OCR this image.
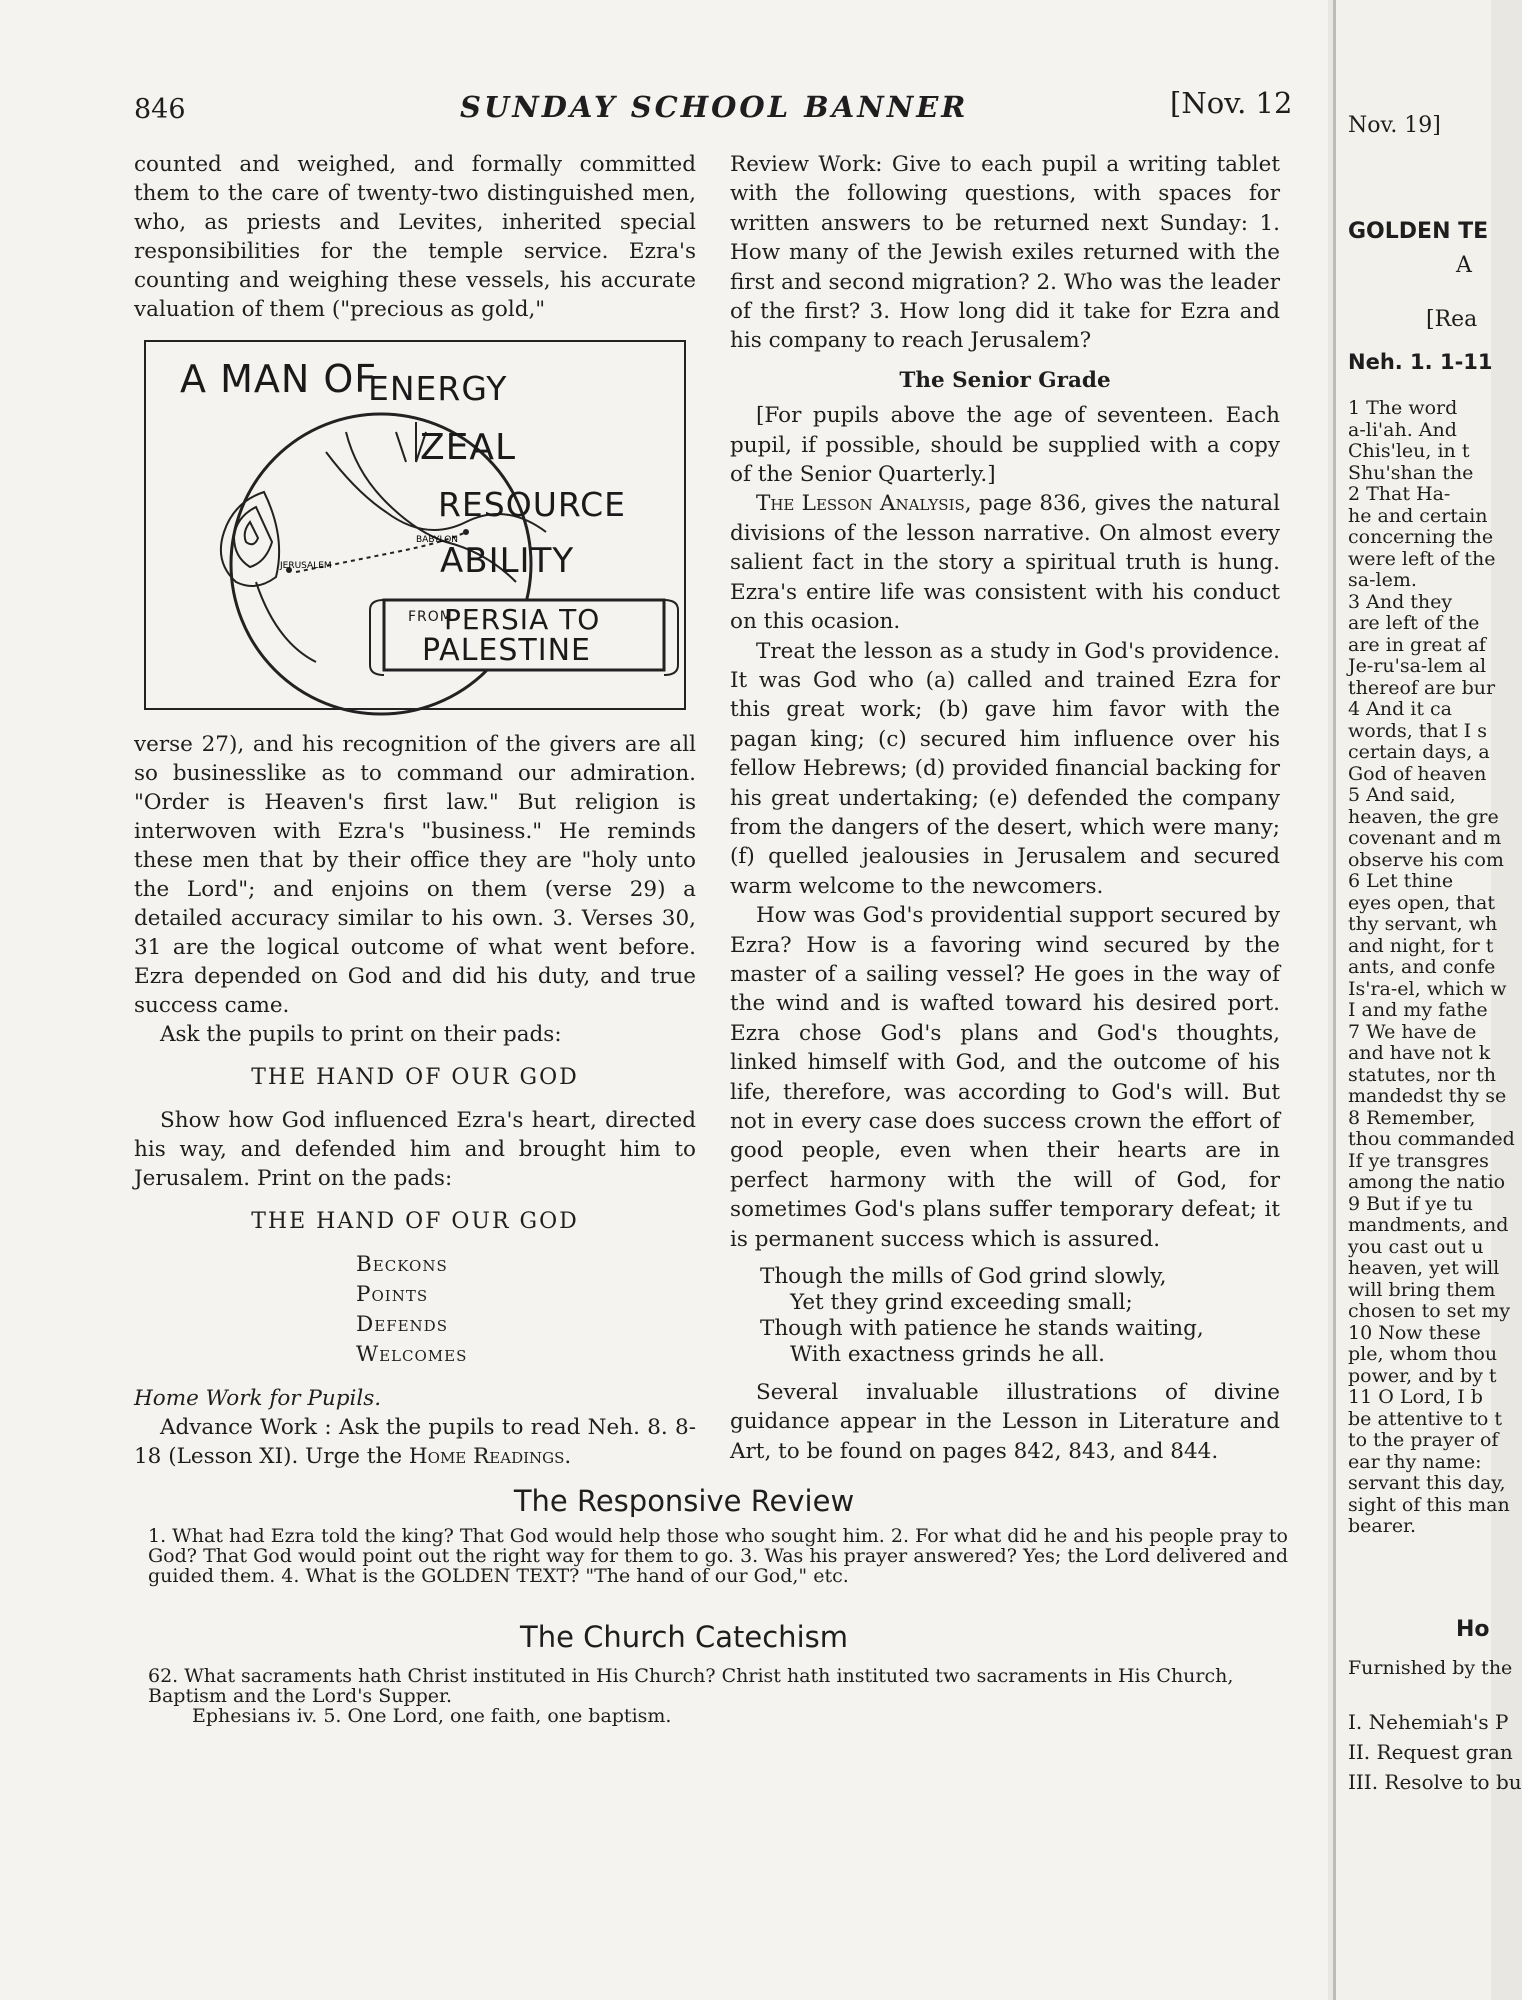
846	SUNDAY SCHOOL BANNER	[Nov. 12

counted and weighed, and formally committed them to the care of twenty-two distinguished men, who, as priests and Levites, inherited special responsibilities for the temple service. Ezra's counting and weighing these vessels, his accurate valuation of them ("precious as gold,"

JERUSALEM
BABYLON
A MAN OF
ENERGY
ZEAL
RESOURCE
ABILITY
FROM
PERSIA TO
PALESTINE

verse 27), and his recognition of the givers are all so businesslike as to command our admiration. "Order is Heaven's first law." But religion is interwoven with Ezra's "business." He reminds these men that by their office they are "holy unto the Lord"; and enjoins on them (verse 29) a detailed accuracy similar to his own. 3. Verses 30, 31 are the logical outcome of what went before. Ezra depended on God and did his duty, and true success came.

Ask the pupils to print on their pads:

THE HAND OF OUR GOD

Show how God influenced Ezra's heart, directed his way, and defended him and brought him to Jerusalem. Print on the pads:

THE HAND OF OUR GOD
Beckons
Points
Defends
Welcomes
Home Work for Pupils.

Advance Work : Ask the pupils to read Neh. 8. 8-18 (Lesson XI). Urge the Home Readings.

Review Work: Give to each pupil a writing tablet with the following questions, with spaces for written answers to be returned next Sunday: 1. How many of the Jewish exiles returned with the first and second migration? 2. Who was the leader of the first? 3. How long did it take for Ezra and his company to reach Jerusalem?

The Senior Grade

[For pupils above the age of seventeen. Each pupil, if possible, should be supplied with a copy of the Senior Quarterly.]

The Lesson Analysis, page 836, gives the natural divisions of the lesson narrative. On almost every salient fact in the story a spiritual truth is hung. Ezra's entire life was consistent with his conduct on this ocasion.

Treat the lesson as a study in God's providence. It was God who (a) called and trained Ezra for this great work; (b) gave him favor with the pagan king; (c) secured him influence over his fellow Hebrews; (d) provided financial backing for his great undertaking; (e) defended the company from the dangers of the desert, which were many; (f) quelled jealousies in Jerusalem and secured warm welcome to the newcomers.

How was God's providential support secured by Ezra? How is a favoring wind secured by the master of a sailing vessel? He goes in the way of the wind and is wafted toward his desired port. Ezra chose God's plans and God's thoughts, linked himself with God, and the outcome of his life, therefore, was according to God's will. But not in every case does success crown the effort of good people, even when their hearts are in perfect harmony with the will of God, for sometimes God's plans suffer temporary defeat; it is permanent success which is assured.

Though the mills of God grind slowly,
Yet they grind exceeding small;
Though with patience he stands waiting,
With exactness grinds he all.

Several invaluable illustrations of divine guidance appear in the Lesson in Literature and Art, to be found on pages 842, 843, and 844.

The Responsive Review

1. What had Ezra told the king? That God would help those who sought him. 2. For what did he and his people pray to God? That God would point out the right way for them to go. 3. Was his prayer answered? Yes; the Lord delivered and guided them. 4. What is the GOLDEN TEXT? "The hand of our God," etc.

The Church Catechism
62. What sacraments hath Christ instituted in His Church? Christ hath instituted two sacraments in His Church, Baptism and the Lord's Supper.
Ephesians iv. 5. One Lord, one faith, one baptism.
Nov. 19]
GOLDEN TE
A
[Rea
Neh. 1. 1-11
1 The word
a-li'ah. And
Chis'leu, in t
Shu'shan the
2 That Ha-
he and certain
concerning the
were left of the
sa-lem.
3 And they
are left of the
are in great af
Je-ru'sa-lem al
thereof are bur
4 And it ca
words, that I s
certain days, a
God of heaven
5 And said,
heaven, the gre
covenant and m
observe his com
6 Let thine
eyes open, that
thy servant, wh
and night, for t
ants, and confe
Is'ra-el, which w
I and my fathe
7 We have de
and have not k
statutes, nor th
mandedst thy se
8 Remember,
thou commanded
If ye transgres
among the natio
9 But if ye tu
mandments, and
you cast out u
heaven, yet will
will bring them
chosen to set my
10 Now these
ple, whom thou
power, and by t
11 O Lord, I b
be attentive to t
to the prayer of
ear thy name:
servant this day,
sight of this man
bearer.
Ho
Furnished by the
I. Nehemiah's P
II. Request gran
III. Resolve to bu
